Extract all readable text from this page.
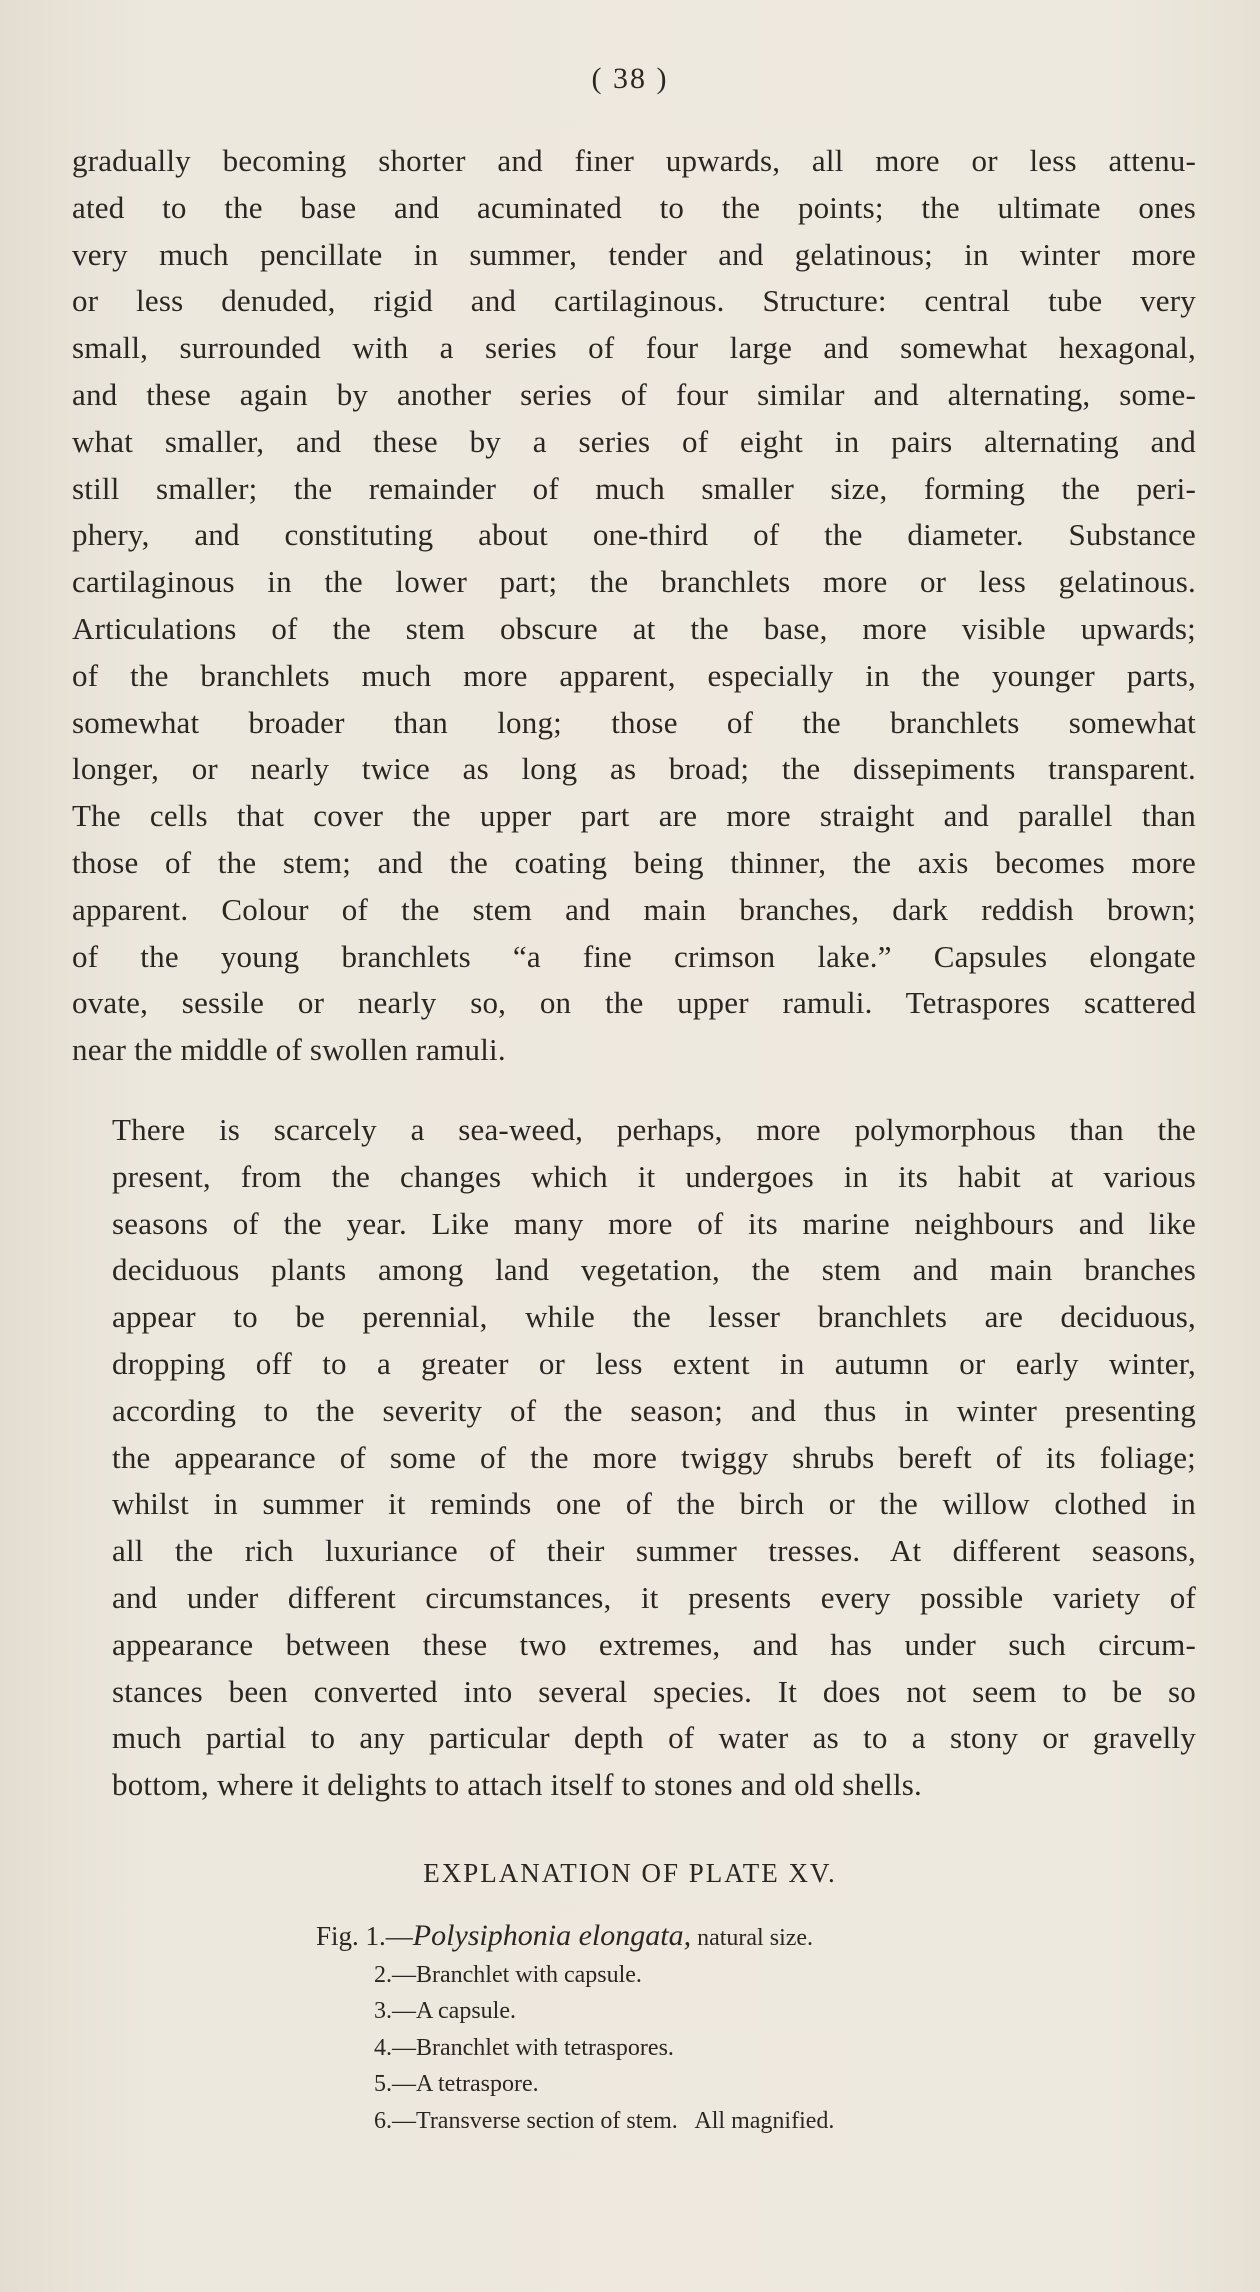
( 38 )
gradually becoming shorter and finer upwards, all more or less attenu-
ated to the base and acuminated to the points; the ultimate ones
very much pencillate in summer, tender and gelatinous; in winter more
or less denuded, rigid and cartilaginous. Structure: central tube very
small, surrounded with a series of four large and somewhat hexagonal,
and these again by another series of four similar and alternating, some-
what smaller, and these by a series of eight in pairs alternating and
still smaller; the remainder of much smaller size, forming the peri-
phery, and constituting about one-third of the diameter. Substance
cartilaginous in the lower part; the branchlets more or less gelatinous.
Articulations of the stem obscure at the base, more visible upwards;
of the branchlets much more apparent, especially in the younger parts,
somewhat broader than long; those of the branchlets somewhat
longer, or nearly twice as long as broad; the dissepiments transparent.
The cells that cover the upper part are more straight and parallel than
those of the stem; and the coating being thinner, the axis becomes more
apparent. Colour of the stem and main branches, dark reddish brown;
of the young branchlets “a fine crimson lake.” Capsules elongate
ovate, sessile or nearly so, on the upper ramuli. Tetraspores scattered
near the middle of swollen ramuli.
There is scarcely a sea-weed, perhaps, more polymorphous than the
present, from the changes which it undergoes in its habit at various
seasons of the year. Like many more of its marine neighbours and like
deciduous plants among land vegetation, the stem and main branches
appear to be perennial, while the lesser branchlets are deciduous,
dropping off to a greater or less extent in autumn or early winter,
according to the severity of the season; and thus in winter presenting
the appearance of some of the more twiggy shrubs bereft of its foliage;
whilst in summer it reminds one of the birch or the willow clothed in
all the rich luxuriance of their summer tresses. At different seasons,
and under different circumstances, it presents every possible variety of
appearance between these two extremes, and has under such circum-
stances been converted into several species. It does not seem to be so
much partial to any particular depth of water as to a stony or gravelly
bottom, where it delights to attach itself to stones and old shells.
EXPLANATION OF PLATE XV.
Fig. 1.—Polysiphonia elongata, natural size.
2.—Branchlet with capsule.
3.—A capsule.
4.—Branchlet with tetraspores.
5.—A tetraspore.
6.—Transverse section of stem.   All magnified.
